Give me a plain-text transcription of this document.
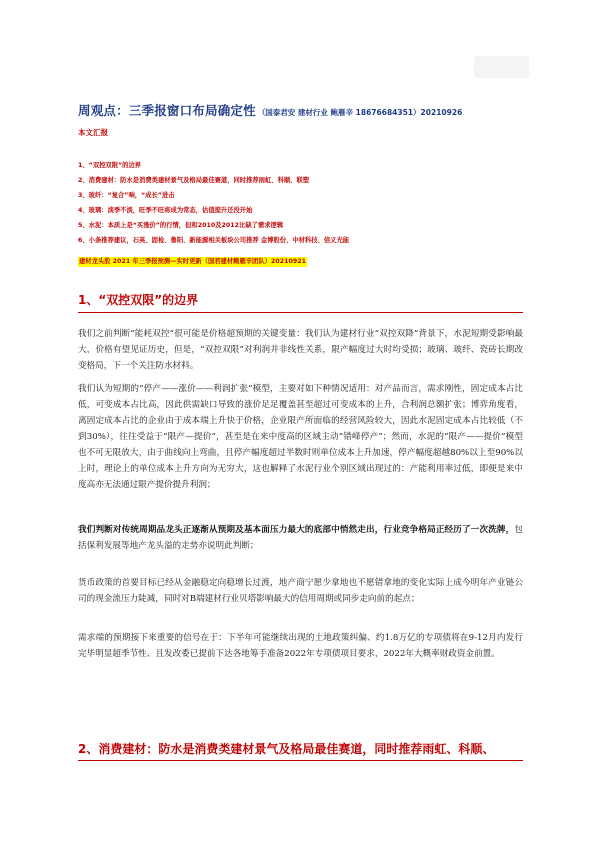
周观点：三季报窗口布局确定性 （国泰君安 建材行业 鲍雁辛 18676684351）20210926
本文汇报
1、“双控双限”的边界
2、消费建材：防水是消费类建材景气及格局最佳赛道，同时推荐雨虹、科顺、联塑
3、玻纤：“复合”响，“成长”进击
4、玻璃：淡季不淡，旺季不旺将成为常态，估值提升还没开始
5、水泥：本质上是“买涨价”的行情，但和2010及2012比缺了需求逻辑
6、小条推荐建议，石英、固检、鲁阳、新能源相关板块公司推荐 金博股份、中材科技、信义光能
建材龙头股 2021 年三季报预测—实时更新（国君建材鲍雁辛团队）20210921
1、“双控双限”的边界
我们之前判断“能耗双控”很可能是价格超预期的关键变量：我们认为建材行业“双控双降”背景下，水泥短期受影响最大，价格有望见证历史，但是，“双控双限”对利润并非线性关系，限产幅度过大时均受损；玻璃、玻纤、瓷砖长期改变格局，下一个关注防水材料。
我们认为短期的“停产——涨价——利润扩张”模型，主要对如下种情况适用：对产品而言，需求刚性，固定成本占比低，可变成本占比高，因此供需缺口导致的涨价足足覆盖甚至超过可变成本的上升，合利润总额扩张；博弈角度看，离固定成本占比的企业由于成本端上升快于价格，企业限产所面临的经营风险较大，因此水泥固定成本占比较低（不到30%），往往受益于“限产—提价”，甚至是在来中度高的区域主动“错峰停产”；然而，水泥的“限产——提价”模型也不可无限放大，由于曲线向上弯曲，且停产幅度超过半数时则单位成本上升加速，停产幅度超越80%以上至90%以上时，理论上的单位成本上升方向为无穷大，这也解释了水泥行业个别区域出现过的：产能利用率过低，即便是来中度高亦无法通过限产提价提升利润；
我们判断对传统周期品龙头正逐渐从预期及基本面压力最大的底部中悄然走出，行业竞争格局正经历了一次洗牌，包括保利发展等地产龙头溢的走势亦说明此判断；
货币政策的首要目标已经从金融稳定向稳增长过渡，地产商宁愿少拿地也不愿错拿地的变化实际上成今明年产业链公司的现金流压力陡减，同时对B端建材行业贝塔影响最大的信用周期或同步走向前的起点；
需求端的预期接下来重要的信号在于：下半年可能继续出现的土地政策纠偏、约1.8万亿的专项债将在9-12月内发行完毕明显超季节性、且发改委已提前下达各地筹手准备2022年专项债项目要求，2022年大概率财政资金前置。
2、消费建材：防水是消费类建材景气及格局最佳赛道，同时推荐雨虹、科顺、
